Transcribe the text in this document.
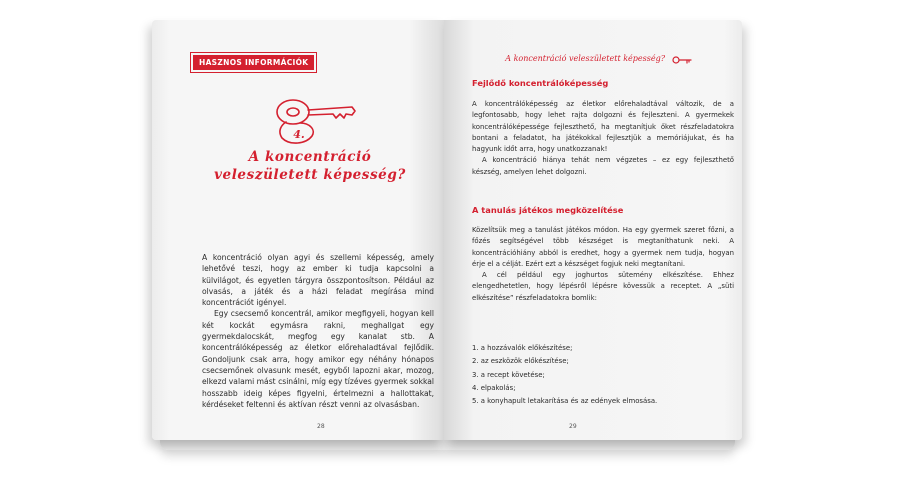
HASZNOS INFORMÁCIÓK
4.
A koncentráció
veleszületett képesség?

A koncentráció olyan agyi és szellemi képesség, amely lehetővé teszi, hogy az ember ki tudja kapcsolni a külvilágot, és egyetlen tárgyra összpontosítson. Például az olvasás, a játék és a házi feladat megírása mind koncentrációt igényel.

Egy csecsemő koncentrál, amikor megfigyeli, hogyan kell két kockát egymásra rakni, meghallgat egy gyermekdalocskát, megfog egy kanalat stb. A koncentrálóképesség az életkor előrehaladtával fejlődik. Gondoljunk csak arra, hogy amikor egy néhány hónapos csecsemőnek olvasunk mesét, egyből lapozni akar, mozog, elkezd valami mást csinálni, míg egy tízéves gyermek sokkal hosszabb ideig képes figyelni, értelmezni a hallottakat, kérdéseket feltenni és aktívan részt venni az olvasásban.

28
A koncentráció veleszületett képesség?
Fejlődő koncentrálóképesség

A koncentrálóképesség az életkor előrehaladtával változik, de a legfontosabb, hogy lehet rajta dolgozni és fejleszteni. A gyermekek koncentrálóképessége fejleszthető, ha megtanítjuk őket részfeladatokra bontani a feladatot, ha játékokkal fejlesztjük a memóriájukat, és ha hagyunk időt arra, hogy unatkozzanak!

A koncentráció hiánya tehát nem végzetes – ez egy fejleszthető készség, amelyen lehet dolgozni.

A tanulás játékos megközelítése

Közelítsük meg a tanulást játékos módon. Ha egy gyermek szeret főzni, a főzés segítségével több készséget is megtaníthatunk neki. A koncentrációhiány abból is eredhet, hogy a gyermek nem tudja, hogyan érje el a célját. Ezért ezt a készséget fogjuk neki megtanítani.

A cél például egy joghurtos sütemény elkészítése. Ehhez elengedhetetlen, hogy lépésről lépésre kövessük a receptet. A „süti elkészítése” részfeladatokra bomlik:

1. a hozzávalók előkészítése;
2. az eszközök előkészítése;
3. a recept követése;
4. elpakolás;
5. a konyhapult letakarítása és az edények elmosása.
29
